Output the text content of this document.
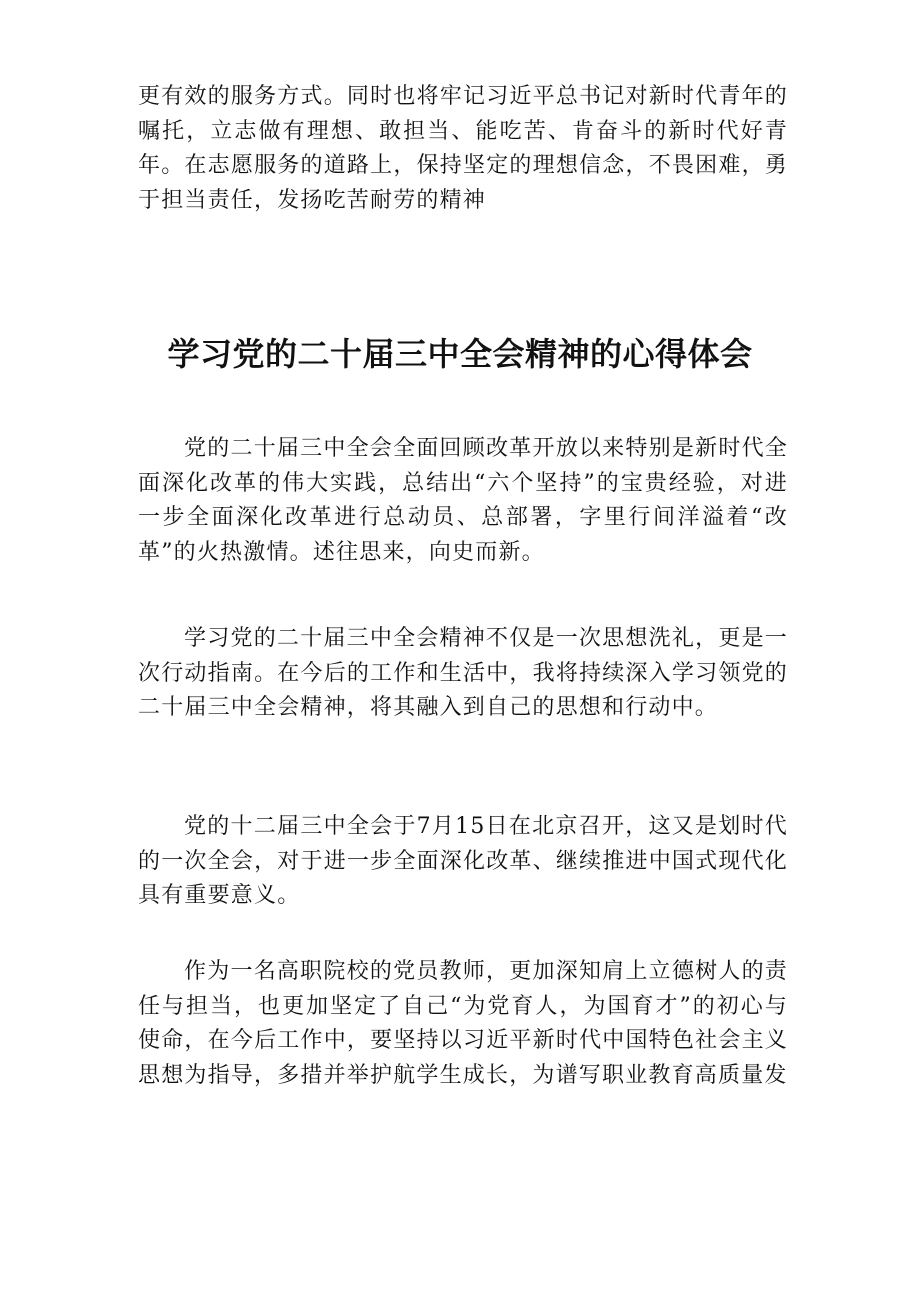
更有效的服务方式。同时也将牢记习近平总书记对新时代青年的嘱托，立志做有理想、敢担当、能吃苦、肯奋斗的新时代好青年。在志愿服务的道路上，保持坚定的理想信念，不畏困难，勇于担当责任，发扬吃苦耐劳的精神

学习党的二十届三中全会精神的心得体会

党的二十届三中全会全面回顾改革开放以来特别是新时代全面深化改革的伟大实践，总结出“六个坚持”的宝贵经验，对进一步全面深化改革进行总动员、总部署，字里行间洋溢着“改革”的火热激情。述往思来，向史而新。

学习党的二十届三中全会精神不仅是一次思想洗礼，更是一次行动指南。在今后的工作和生活中，我将持续深入学习领党的二十届三中全会精神，将其融入到自己的思想和行动中。

党的十二届三中全会于7月15日在北京召开，这又是划时代的一次全会，对于进一步全面深化改革、继续推进中国式现代化具有重要意义。

作为一名高职院校的党员教师，更加深知肩上立德树人的责任与担当，也更加坚定了自己“为党育人，为国育才”的初心与使命，在今后工作中，要坚持以习近平新时代中国特色社会主义思想为指导，多措并举护航学生成长，为谱写职业教育高质量发
